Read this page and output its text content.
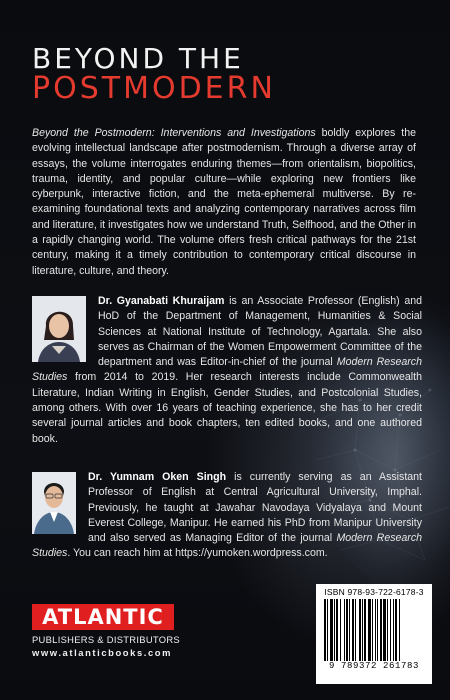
BEYOND THE
POSTMODERN

Beyond the Postmodern: Interventions and Investigations boldly explores the evolving intellectual landscape after postmodernism. Through a diverse array of essays, the volume interrogates enduring themes—from orientalism, biopolitics, trauma, identity, and popular culture—while exploring new frontiers like cyberpunk, interactive fiction, and the meta-ephemeral multiverse. By re-examining foundational texts and analyzing contemporary narratives across film and literature, it investigates how we understand Truth, Selfhood, and the Other in a rapidly changing world. The volume offers fresh critical pathways for the 21st century, making it a timely contribution to contemporary critical discourse in literature, culture, and theory.

Dr. Gyanabati Khuraijam is an Associate Professor (English) and HoD of the Department of Management, Humanities & Social Sciences at National Institute of Technology, Agartala. She also serves as Chairman of the Women Empowerment Committee of the department and was Editor-in-chief of the journal Modern Research Studies from 2014 to 2019. Her research interests include Commonwealth Literature, Indian Writing in English, Gender Studies, and Postcolonial Studies, among others. With over 16 years of teaching experience, she has to her credit several journal articles and book chapters, ten edited books, and one authored book.

Dr. Yumnam Oken Singh is currently serving as an Assistant Professor of English at Central Agricultural University, Imphal. Previously, he taught at Jawahar Navodaya Vidyalaya and Mount Everest College, Manipur. He earned his PhD from Manipur University and also served as Managing Editor of the journal Modern Research Studies. You can reach him at https://yumoken.wordpress.com.

ATLANTIC
PUBLISHERS & DISTRIBUTORS
www.atlanticbooks.com
ISBN 978-93-722-6178-3
9 789372 261783
